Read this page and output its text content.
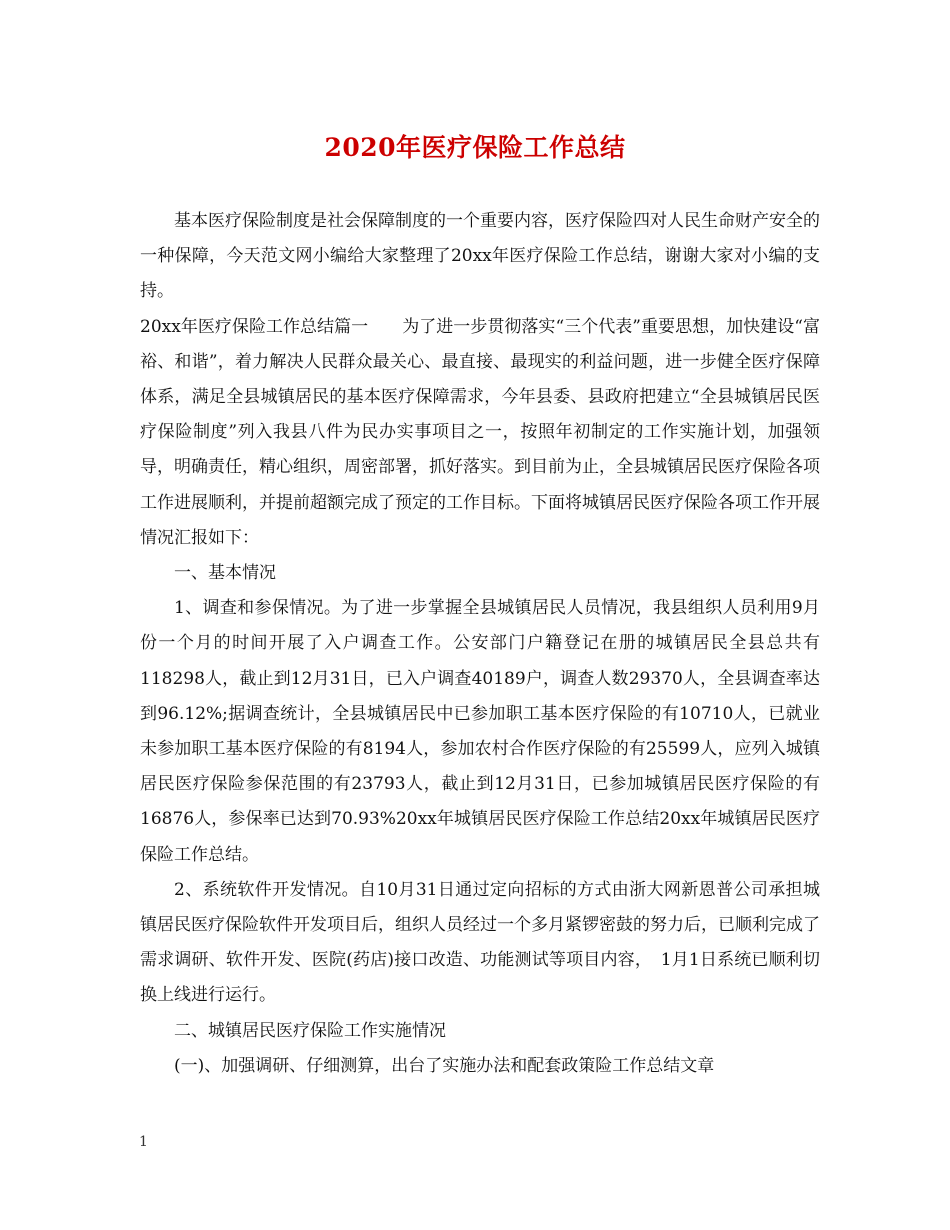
2020年医疗保险工作总结

基本医疗保险制度是社会保障制度的一个重要内容，医疗保险四对人民生命财产安全的一种保障，今天范文网小编给大家整理了20xx年医疗保险工作总结，谢谢大家对小编的支持。

20xx年医疗保险工作总结篇一　　为了进一步贯彻落实“三个代表”重要思想，加快建设“富裕、和谐”，着力解决人民群众最关心、最直接、最现实的利益问题，进一步健全医疗保障体系，满足全县城镇居民的基本医疗保障需求，今年县委、县政府把建立“全县城镇居民医疗保险制度”列入我县八件为民办实事项目之一，按照年初制定的工作实施计划，加强领导，明确责任，精心组织，周密部署，抓好落实。到目前为止，全县城镇居民医疗保险各项工作进展顺利，并提前超额完成了预定的工作目标。下面将城镇居民医疗保险各项工作开展情况汇报如下：

一、基本情况

1、调查和参保情况。为了进一步掌握全县城镇居民人员情况，我县组织人员利用9月份一个月的时间开展了入户调查工作。公安部门户籍登记在册的城镇居民全县总共有118298人，截止到12月31日，已入户调查40189户，调查人数29370人，全县调查率达到96.12%;据调查统计，全县城镇居民中已参加职工基本医疗保险的有10710人，已就业未参加职工基本医疗保险的有8194人，参加农村合作医疗保险的有25599人，应列入城镇居民医疗保险参保范围的有23793人，截止到12月31日，已参加城镇居民医疗保险的有16876人，参保率已达到70.93%20xx年城镇居民医疗保险工作总结20xx年城镇居民医疗保险工作总结。

2、系统软件开发情况。自10月31日通过定向招标的方式由浙大网新恩普公司承担城镇居民医疗保险软件开发项目后，组织人员经过一个多月紧锣密鼓的努力后，已顺利完成了需求调研、软件开发、医院(药店)接口改造、功能测试等项目内容，　1月1日系统已顺利切换上线进行运行。

二、城镇居民医疗保险工作实施情况

(一)、加强调研、仔细测算，出台了实施办法和配套政策险工作总结文章

1
